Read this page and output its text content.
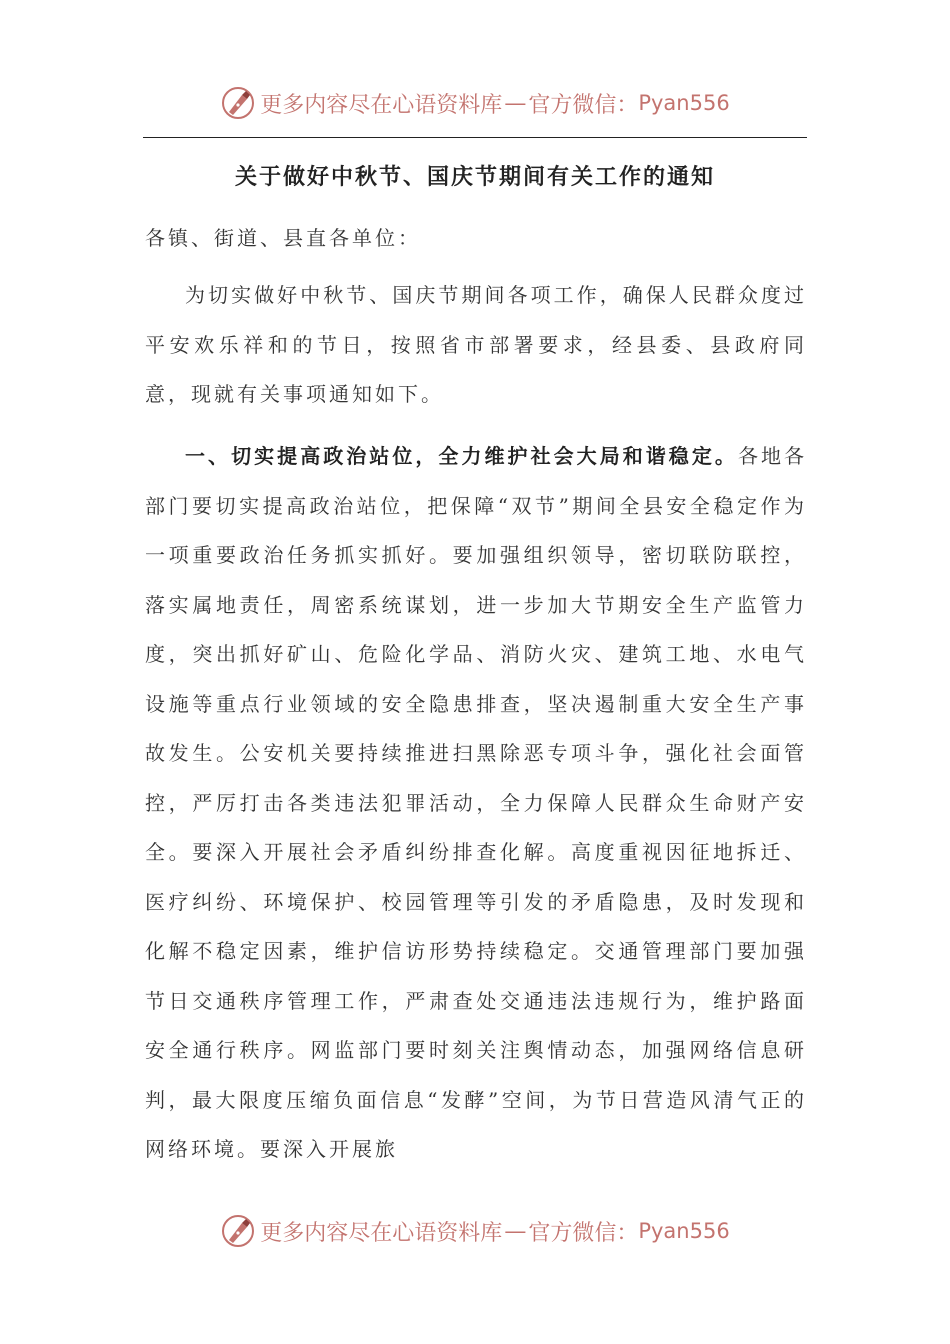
更多内容尽在心语资料库 — 官方微信： Pyan556
关于做好中秋节、国庆节期间有关工作的通知
各镇、街道、县直各单位：
为切实做好中秋节、国庆节期间各项工作，确保人民群众度过平安欢乐祥和的节日，按照省市部署要求，经县委、县政府同意，现就有关事项通知如下。
一、切实提高政治站位，全力维护社会大局和谐稳定。各地各部门要切实提高政治站位，把保障“双节”期间全县安全稳定作为一项重要政治任务抓实抓好。要加强组织领导，密切联防联控，落实属地责任，周密系统谋划，进一步加大节期安全生产监管力度，突出抓好矿山、危险化学品、消防火灾、建筑工地、水电气设施等重点行业领域的安全隐患排查，坚决遏制重大安全生产事故发生。公安机关要持续推进扫黑除恶专项斗争，强化社会面管控，严厉打击各类违法犯罪活动，全力保障人民群众生命财产安全。要深入开展社会矛盾纠纷排查化解。高度重视因征地拆迁、医疗纠纷、环境保护、校园管理等引发的矛盾隐患，及时发现和化解不稳定因素，维护信访形势持续稳定。交通管理部门要加强节日交通秩序管理工作，严肃查处交通违法违规行为，维护路面安全通行秩序。网监部门要时刻关注舆情动态，加强网络信息研判，最大限度压缩负面信息“发酵”空间，为节日营造风清气正的网络环境。要深入开展旅
更多内容尽在心语资料库 — 官方微信： Pyan556
